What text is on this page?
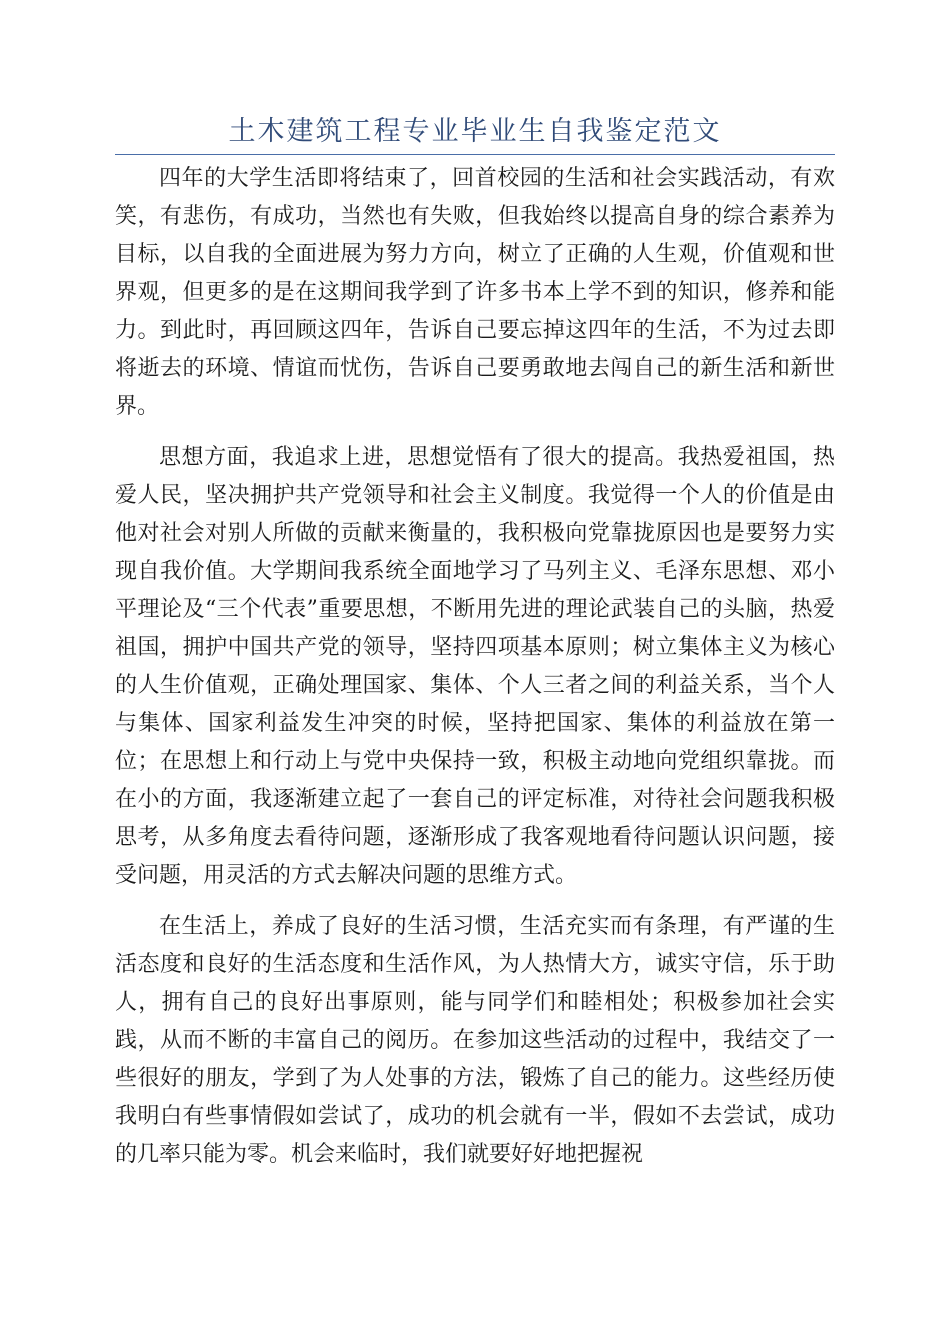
土木建筑工程专业毕业生自我鉴定范文

四年的大学生活即将结束了，回首校园的生活和社会实践活动，有欢笑，有悲伤，有成功，当然也有失败，但我始终以提高自身的综合素养为目标，以自我的全面进展为努力方向，树立了正确的人生观，价值观和世界观，但更多的是在这期间我学到了许多书本上学不到的知识，修养和能力。到此时，再回顾这四年，告诉自己要忘掉这四年的生活，不为过去即将逝去的环境、情谊而忧伤，告诉自己要勇敢地去闯自己的新生活和新世界。

思想方面，我追求上进，思想觉悟有了很大的提高。我热爱祖国，热爱人民，坚决拥护共产党领导和社会主义制度。我觉得一个人的价值是由他对社会对别人所做的贡献来衡量的，我积极向党靠拢原因也是要努力实现自我价值。大学期间我系统全面地学习了马列主义、毛泽东思想、邓小平理论及“三个代表”重要思想，不断用先进的理论武装自己的头脑，热爱祖国，拥护中国共产党的领导，坚持四项基本原则；树立集体主义为核心的人生价值观，正确处理国家、集体、个人三者之间的利益关系，当个人与集体、国家利益发生冲突的时候，坚持把国家、集体的利益放在第一位；在思想上和行动上与党中央保持一致，积极主动地向党组织靠拢。而在小的方面，我逐渐建立起了一套自己的评定标准，对待社会问题我积极思考，从多角度去看待问题，逐渐形成了我客观地看待问题认识问题，接受问题，用灵活的方式去解决问题的思维方式。

在生活上，养成了良好的生活习惯，生活充实而有条理，有严谨的生活态度和良好的生活态度和生活作风，为人热情大方，诚实守信，乐于助人，拥有自己的良好出事原则，能与同学们和睦相处；积极参加社会实践，从而不断的丰富自己的阅历。在参加这些活动的过程中，我结交了一些很好的朋友，学到了为人处事的方法，锻炼了自己的能力。这些经历使我明白有些事情假如尝试了，成功的机会就有一半，假如不去尝试，成功的几率只能为零。机会来临时，我们就要好好地把握祝
